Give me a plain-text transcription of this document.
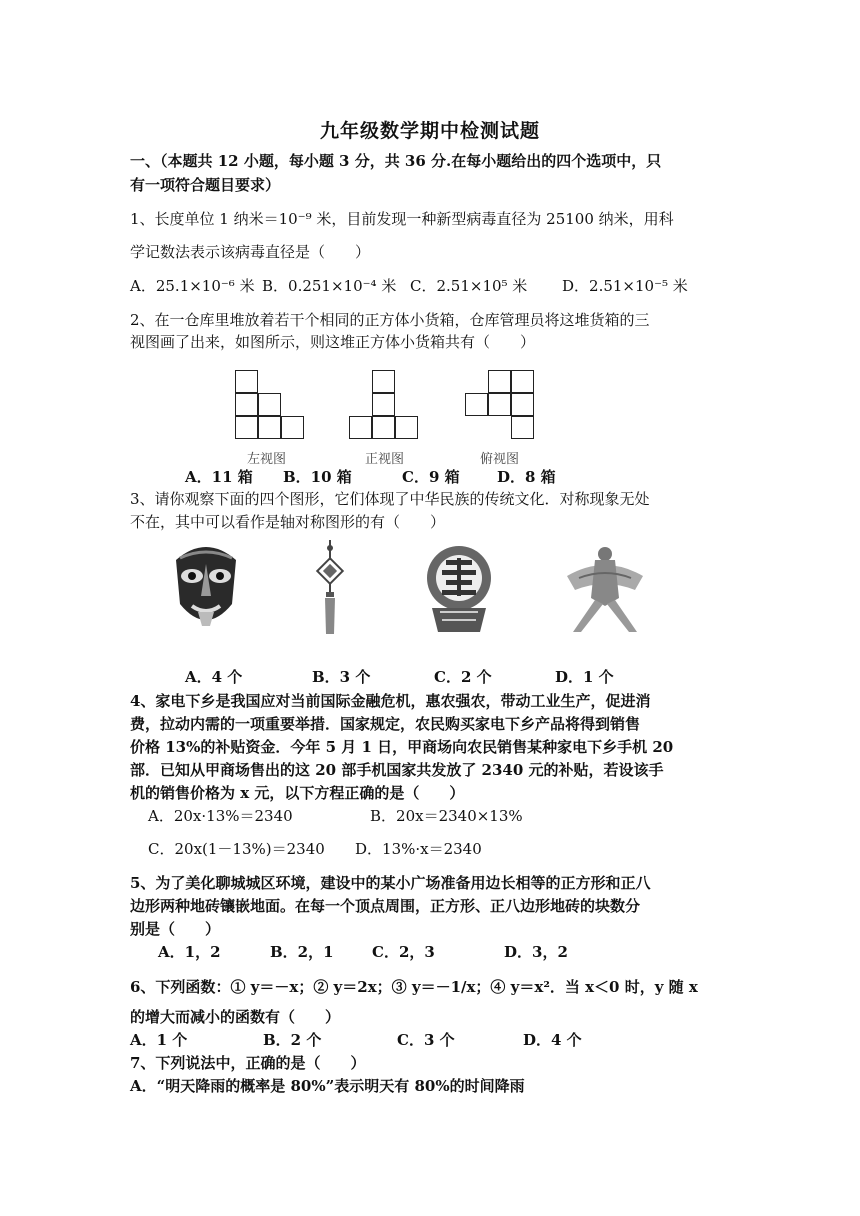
九年级数学期中检测试题
一、（本题共 12 小题，每小题 3 分，共 36 分.在每小题给出的四个选项中，只
有一项符合题目要求）
1、长度单位 1 纳米＝10⁻⁹ 米，目前发现一种新型病毒直径为 25100 纳米，用科
学记数法表示该病毒直径是（　　）
A．25.1×10⁻⁶ 米 B．0.251×10⁻⁴ 米 C．2.51×10⁵ 米 D．2.51×10⁻⁵ 米
2、在一仓库里堆放着若干个相同的正方体小货箱，仓库管理员将这堆货箱的三
视图画了出来，如图所示，则这堆正方体小货箱共有（　　）
左视图	正视图	俯视图
A．11 箱 B．10 箱	C．9 箱 D．8 箱
3、请你观察下面的四个图形，它们体现了中华民族的传统文化．对称现象无处
不在，其中可以看作是轴对称图形的有（　　）
A．4 个	B．3 个	C．2 个	D．1 个
4、家电下乡是我国应对当前国际金融危机，惠农强农，带动工业生产，促进消
费，拉动内需的一项重要举措．国家规定，农民购买家电下乡产品将得到销售
价格 13%的补贴资金．今年 5 月 1 日，甲商场向农民销售某种家电下乡手机 20
部．已知从甲商场售出的这 20 部手机国家共发放了 2340 元的补贴，若设该手
机的销售价格为 x 元，以下方程正确的是（　　）
A．20x·13%＝2340	B．20x＝2340×13%
C．20x(1－13%)＝2340 D．13%·x＝2340
5、为了美化聊城城区环境，建设中的某小广场准备用边长相等的正方形和正八
边形两种地砖镶嵌地面。在每一个顶点周围，正方形、正八边形地砖的块数分
别是（　　）
A．1，2	B．2，1	C．2，3	D．3，2
6、下列函数：① y＝－x；② y＝2x；③ y＝－1/x；④ y＝x²．当 x＜0 时，y 随 x
的增大而减小的函数有（　　）
A．1 个	B．2 个	C．3 个	D．4 个
7、下列说法中，正确的是（　　）
A．“明天降雨的概率是 80%”表示明天有 80%的时间降雨
